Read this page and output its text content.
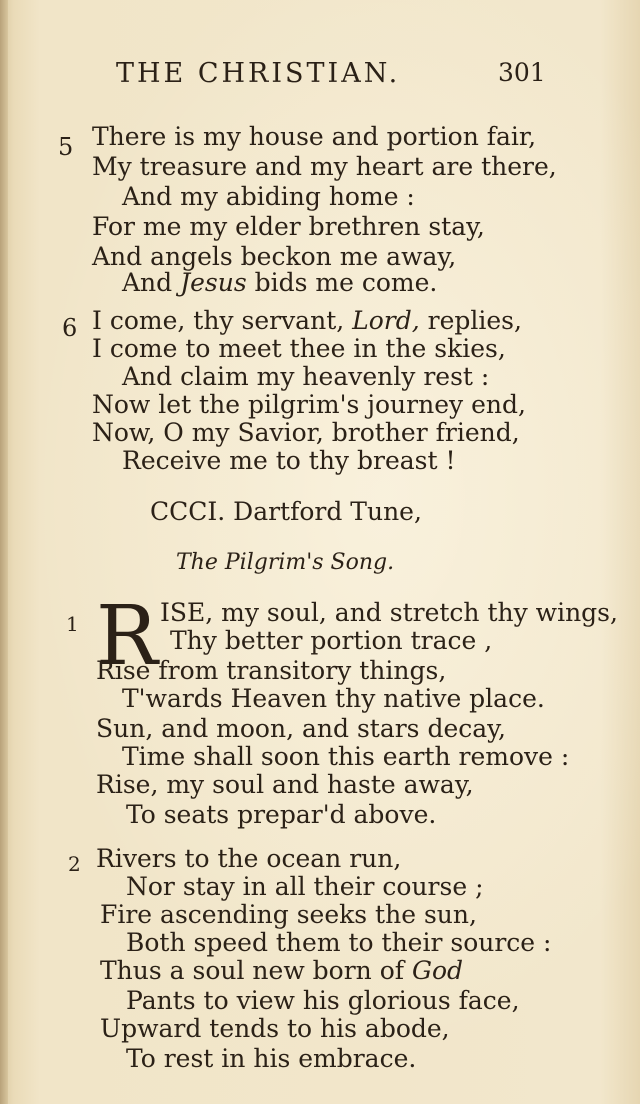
THE CHRISTIAN.	301
5 There is my house and portion fair,
My treasure and my heart are there,
And my abiding home :
For me my elder brethren stay,
And angels beckon me away,
And Jesus bids me come.
6 I come, thy servant, Lord, replies,
I come to meet thee in the skies,
And claim my heavenly rest :
Now let the pilgrim's journey end,
Now, O my Savior, brother friend,
Receive me to thy breast !
CCCI. Dartford Tune,
The Pilgrim's Song.
1 R ISE, my soul, and stretch thy wings,
Thy better portion trace ,
Rise from transitory things,
T'wards Heaven thy native place.
Sun, and moon, and stars decay,
Time shall soon this earth remove :
Rise, my soul and haste away,
To seats prepar'd above.
2 Rivers to the ocean run,
Nor stay in all their course ;
Fire ascending seeks the sun,
Both speed them to their source :
Thus a soul new born of God
Pants to view his glorious face,
Upward tends to his abode,
To rest in his embrace.
